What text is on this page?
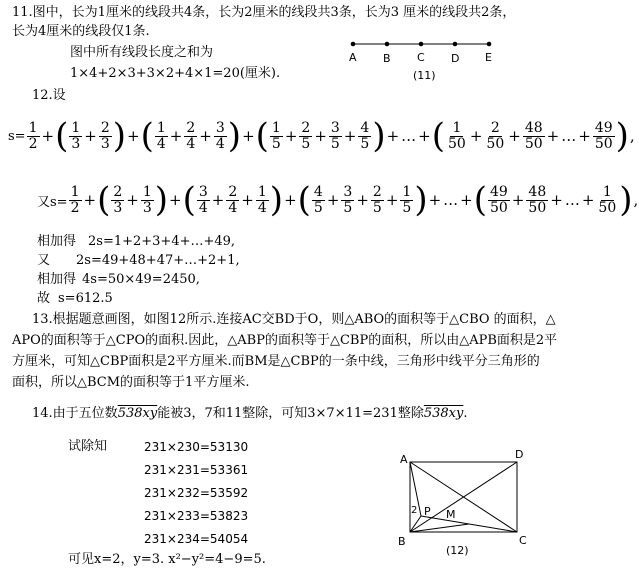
11.图中，长为1厘米的线段共4条，长为2厘米的线段共3条，长为3 厘米的线段共2条，
长为4厘米的线段仅1条.
图中所有线段长度之和为
1×4+2×3+3×2+4×1=20(厘米).
A B C D E
(11)
12.设
$s= \frac{1}{2}$ + ( $\frac{1}{3} + \frac{2}{3}$ ) + ( $\frac{1}{4} + \frac{2}{4} + \frac{3}{4}$ ) + ( $\frac{1}{5} + \frac{2}{5} + \frac{3}{5} + \frac{4}{5}$ ) + … + ( $\frac{1}{50} + \frac{2}{50} + \frac{48}{50}$ + … + $\frac{49}{50}$ ) ,
又$s= \frac{1}{2}$ + ( $\frac{2}{3} + \frac{1}{3}$ ) + ( $\frac{3}{4} + \frac{2}{4} + \frac{1}{4}$ ) + ( $\frac{4}{5} + \frac{3}{5} + \frac{2}{5} + \frac{1}{5}$ ) + … + ( $\frac{49}{50} + \frac{48}{50}$ + … + $\frac{1}{50}$ ) ,
相加得 2s=1+2+3+4+…+49,
又 2s=49+48+47+…+2+1,
相加得 4s=50×49=2450,
故 s=612.5
13.根据题意画图，如图12所示.连接AC交BD于O，则△ABO的面积等于△CBO 的面积，△
APO的面积等于△CPO的面积.因此，△ABP的面积等于△CBP的面积，所以由△APB面积是2平
方厘米，可知△CBP面积是2平方厘米.而BM是△CBP的一条中线，三角形中线平分三角形的
面积，所以△BCM的面积等于1平方厘米.
14.由于五位数538xy能被3，7和11整除，可知3×7×11=231整除538xy.
试除知	231×230=53130
231×231=53361
231×232=53592
231×233=53823
231×234=54054
可见x=2，y=3. x²−y²=4−9=5.
A	D
B	C
P M
2
(12)
